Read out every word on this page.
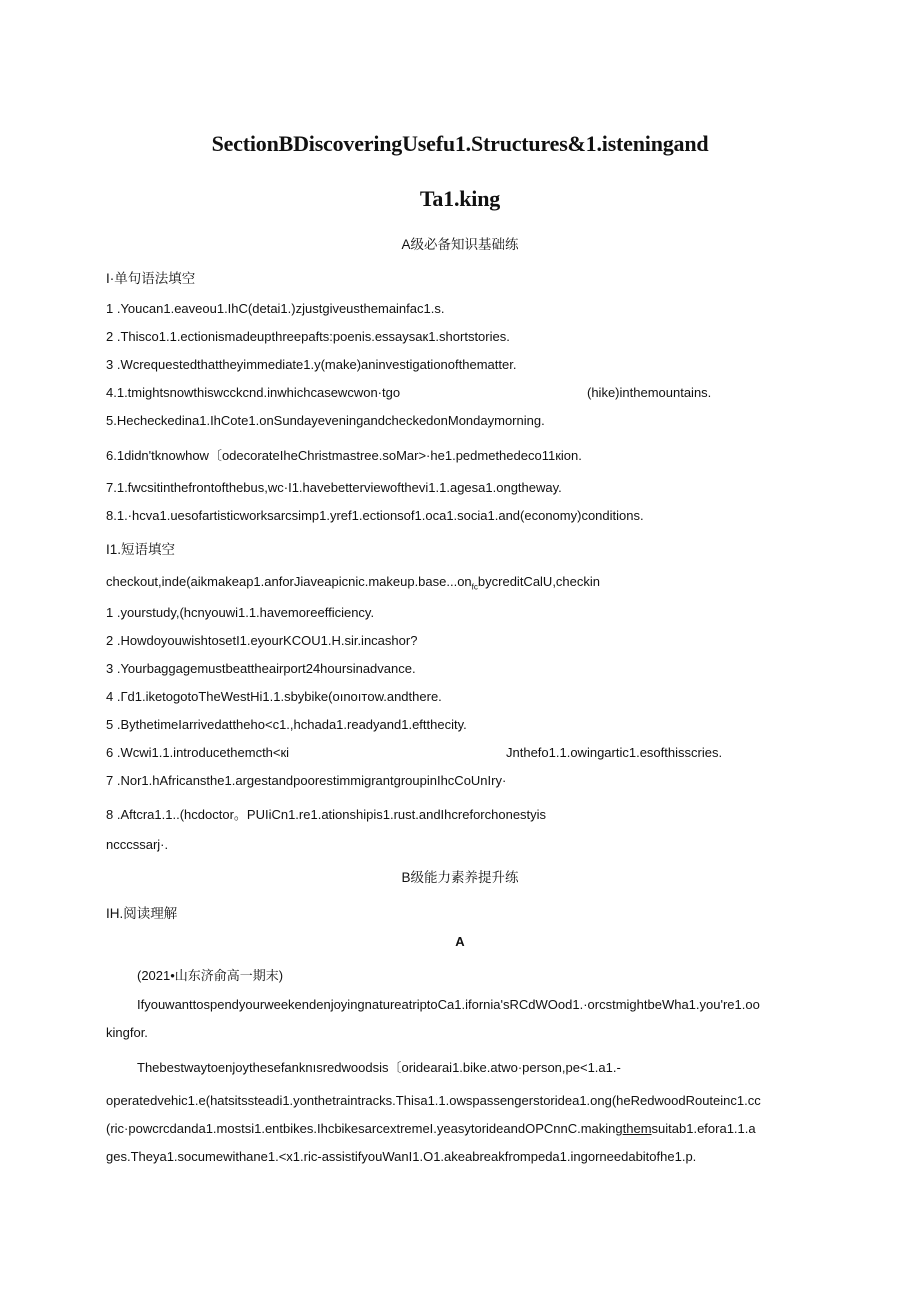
SectionBDiscoveringUsefu1.Structures&1.isteningand
Ta1.king
A级必备知识基础练
I·单句语法填空
1 .Youcan1.eaveou1.IhC(detai1.)zjustgiveusthemainfac1.s.
2 .Thisco1.1.ectionismadeupthreepafts:poenis.essaysaк1.shortstories.
3 .Wcrequestedthattheyimmediate1.y(make)aninvestigationofthematter.
4.1.tmightsnowthiswcckcnd.inwhichcasewcwon·tgo	(hike)inthemountains.
5.Hecheckedina1.IhCote1.onSundayeveningandcheckedonMondaymorning.
6.1didn'tknowhow〔odecorateIheChristmastree.soMar>·he1.pedmethedeco11кion.
7.1.fwcsitinthefrontofthebus,wc·I1.havebetterviewofthevi1.1.agesa1.ongtheway.
8.1.·hcva1.uesofartisticworksarcsimp1.yref1.ectionsof1.oca1.socia1.and(economy)conditions.
I1.短语填空
$checkout,inde(aikmakeap1.anforJiaveapicnic.makeup.base...on_{fc}bycreditCalU,checkin$
1 .yourstudy,(hcnyouwi1.1.havemoreefficiency.
2 .HowdoyouwishtosetI1.eyourKCOU1.H.sir.incashor?
3 .Yourbaggagemustbeattheairport24hoursinadvance.
4 .Гd1.iketogotoTheWestHi1.1.sbybike(oınoıтow.andthere.
5 .BythetimeIarrivedattheho<c1.,hchada1.readyand1.eftthecity.
6 .Wcwi1.1.introducethemcth<кi	Jnthefo1.1.owingartic1.esofthisscries.
7 .Nor1.hAfricansthe1.argestandpoorestimmigrantgroupinIhcCoUnIry·
8 .Aftcra1.1..(hcdoctor。PUIiCn1.re1.ationshipis1.rust.andIhcreforchonestyis
ncccssarj·.
B级能力素养提升练
IH.阅读理解
A
(2021•山东济俞高一期末)
IfyouwanttospendyourweekendenjoyingnatureatriptoCa1.ifornia'sRCdWOod1.·orcstmightbeWha1.you're1.oo
kingfor.
Thebestwaytoenjoythesefanknısredwoodsis〔oridearai1.bike.atwo·person,pe<1.a1.-
operatedvehic1.e(hatsitssteadi1.yonthetraintracks.Thisa1.1.owspassengerstoridea1.ong(heRedwoodRouteinc1.cc
(ric·powcrcdanda1.mostsi1.entbikes.IhcbikesarcextremeI.yeasytorideandOPCnnC.makingthemsuitab1.efora1.1.a
ges.Theya1.socumewithane1.<x1.ric-assistifyouWanI1.O1.akeabreakfrompeda1.ingorneedabitofhe1.p.
